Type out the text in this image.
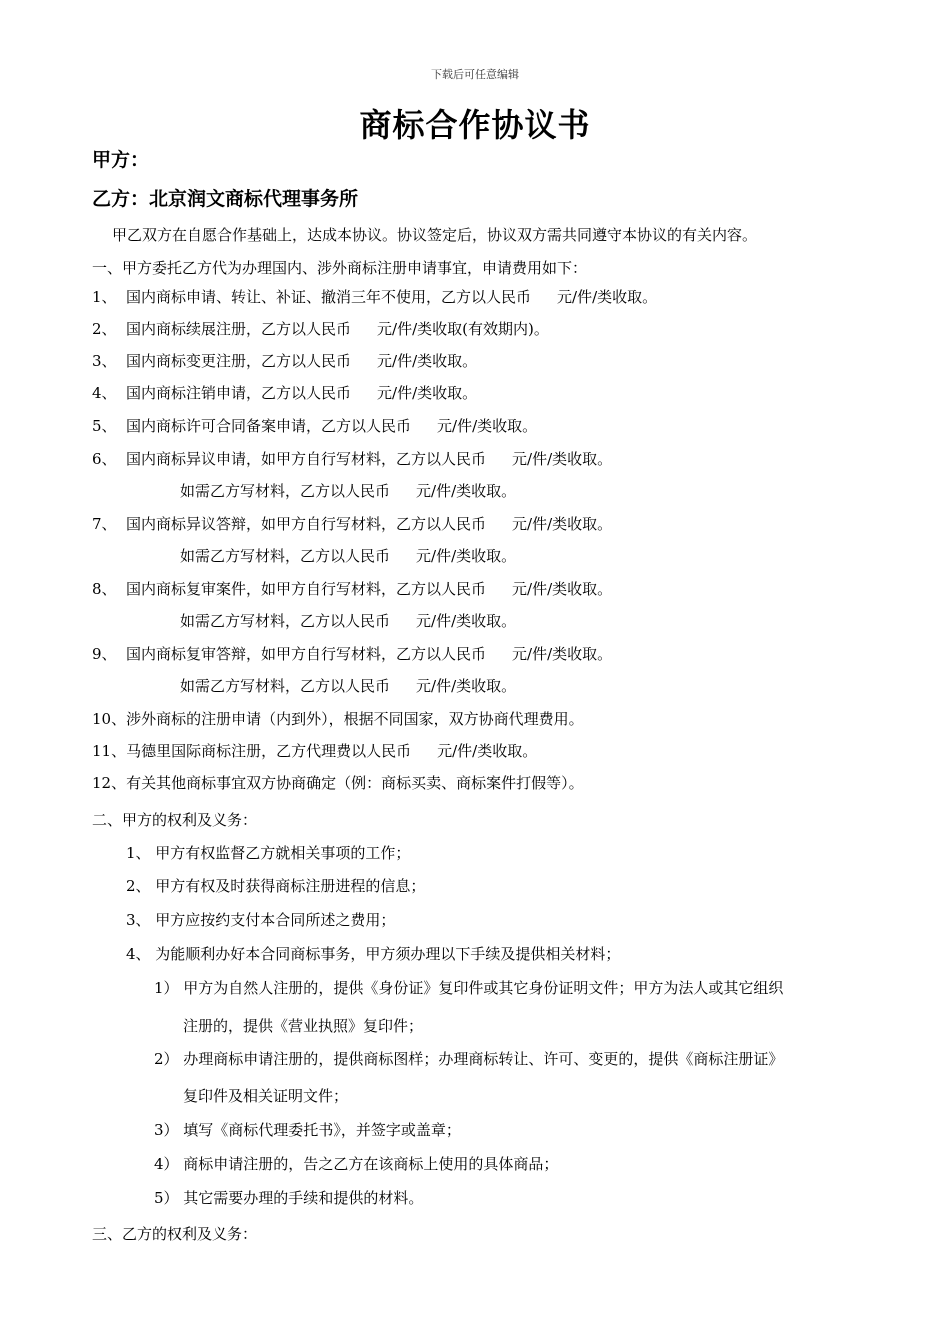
下载后可任意编辑
商标合作协议书
甲方：
乙方：北京润文商标代理事务所
甲乙双方在自愿合作基础上，达成本协议。协议签定后，协议双方需共同遵守本协议的有关内容。
一、甲方委托乙方代为办理国内、涉外商标注册申请事宜，申请费用如下：
1、 国内商标申请、转让、补证、撤消三年不使用，乙方以人民币 元/件/类收取。
2、 国内商标续展注册，乙方以人民币 元/件/类收取(有效期内)。
3、 国内商标变更注册，乙方以人民币 元/件/类收取。
4、 国内商标注销申请，乙方以人民币 元/件/类收取。
5、 国内商标许可合同备案申请，乙方以人民币 元/件/类收取。
6、 国内商标异议申请，如甲方自行写材料，乙方以人民币 元/件/类收取。
如需乙方写材料，乙方以人民币 元/件/类收取。
7、 国内商标异议答辩，如甲方自行写材料，乙方以人民币 元/件/类收取。
如需乙方写材料，乙方以人民币 元/件/类收取。
8、 国内商标复审案件，如甲方自行写材料，乙方以人民币 元/件/类收取。
如需乙方写材料，乙方以人民币 元/件/类收取。
9、 国内商标复审答辩，如甲方自行写材料，乙方以人民币 元/件/类收取。
如需乙方写材料，乙方以人民币 元/件/类收取。
10、涉外商标的注册申请（内到外），根据不同国家，双方协商代理费用。
11、马德里国际商标注册，乙方代理费以人民币 元/件/类收取。
12、有关其他商标事宜双方协商确定（例：商标买卖、商标案件打假等）。
二、甲方的权利及义务：
1、 甲方有权监督乙方就相关事项的工作；
2、 甲方有权及时获得商标注册进程的信息；
3、 甲方应按约支付本合同所述之费用；
4、 为能顺利办好本合同商标事务，甲方须办理以下手续及提供相关材料；
1） 甲方为自然人注册的，提供《身份证》复印件或其它身份证明文件；甲方为法人或其它组织
注册的，提供《营业执照》复印件；
2） 办理商标申请注册的，提供商标图样；办理商标转让、许可、变更的，提供《商标注册证》
复印件及相关证明文件；
3） 填写《商标代理委托书》，并签字或盖章；
4） 商标申请注册的，告之乙方在该商标上使用的具体商品；
5） 其它需要办理的手续和提供的材料。
三、乙方的权利及义务：
